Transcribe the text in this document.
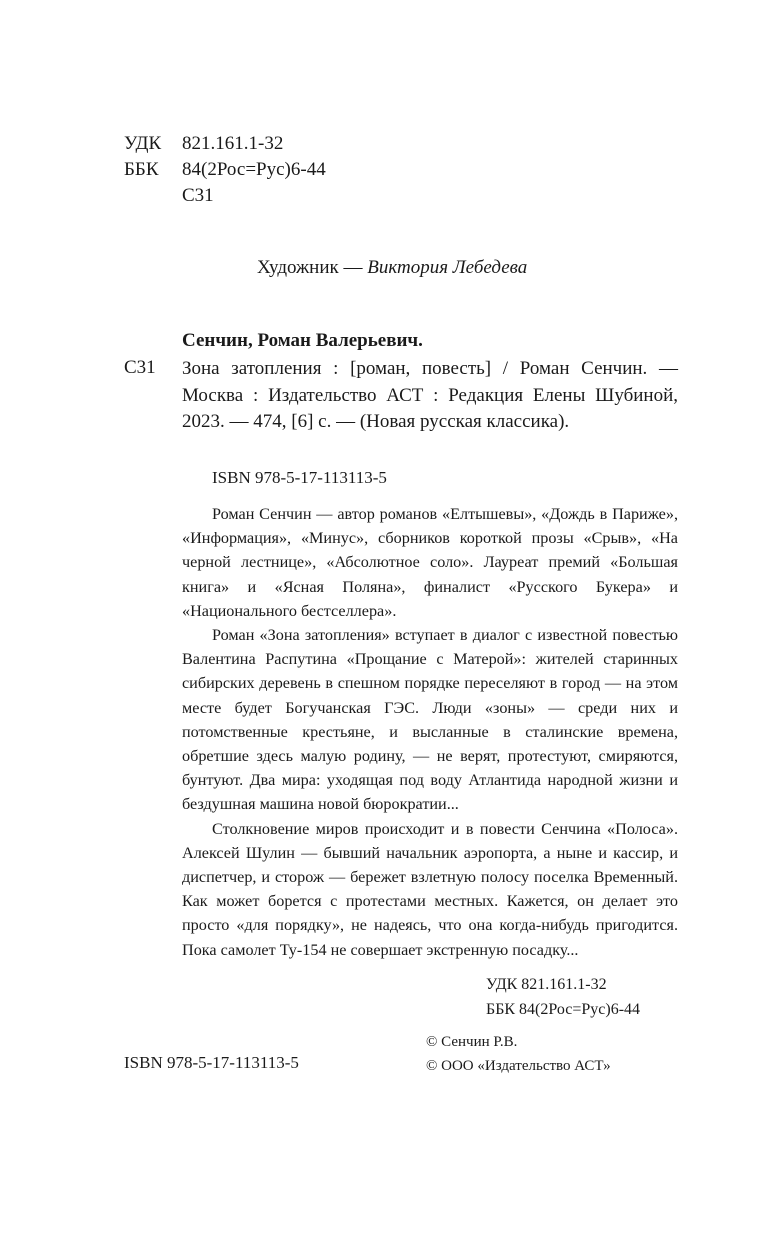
УДК 821.161.1-32
ББК 84(2Рос=Рус)6-44
С31
Художник — Виктория Лебедева
Сенчин, Роман Валерьевич.
С31 Зона затопления : [роман, повесть] / Роман Сенчин. — Москва : Издательство АСТ : Редакция Елены Шубиной, 2023. — 474, [6] с. — (Новая русская классика).
ISBN 978-5-17-113113-5

Роман Сенчин — автор романов «Елтышевы», «Дождь в Париже», «Информация», «Минус», сборников короткой прозы «Срыв», «На черной лестнице», «Абсолютное соло». Лауреат премий «Большая книга» и «Ясная Поляна», финалист «Русского Букера» и «Национального бестселлера».

Роман «Зона затопления» вступает в диалог с известной повестью Валентина Распутина «Прощание с Матерой»: жителей старинных сибирских деревень в спешном порядке переселяют в город — на этом месте будет Богучанская ГЭС. Люди «зоны» — среди них и потомственные крестьяне, и высланные в сталинские времена, обретшие здесь малую родину, — не верят, протестуют, смиряются, бунтуют. Два мира: уходящая под воду Атлантида народной жизни и бездушная машина новой бюрократии...

Столкновение миров происходит и в повести Сенчина «Полоса». Алексей Шулин — бывший начальник аэропорта, а ныне и кассир, и диспетчер, и сторож — бережет взлетную полосу поселка Временный. Как может борется с протестами местных. Кажется, он делает это просто «для порядку», не надеясь, что она когда-нибудь пригодится. Пока самолет Ту-154 не совершает экстренную посадку...

УДК 821.161.1-32
ББК 84(2Рос=Рус)6-44
© Сенчин Р.В.
© ООО «Издательство АСТ»
ISBN 978-5-17-113113-5
